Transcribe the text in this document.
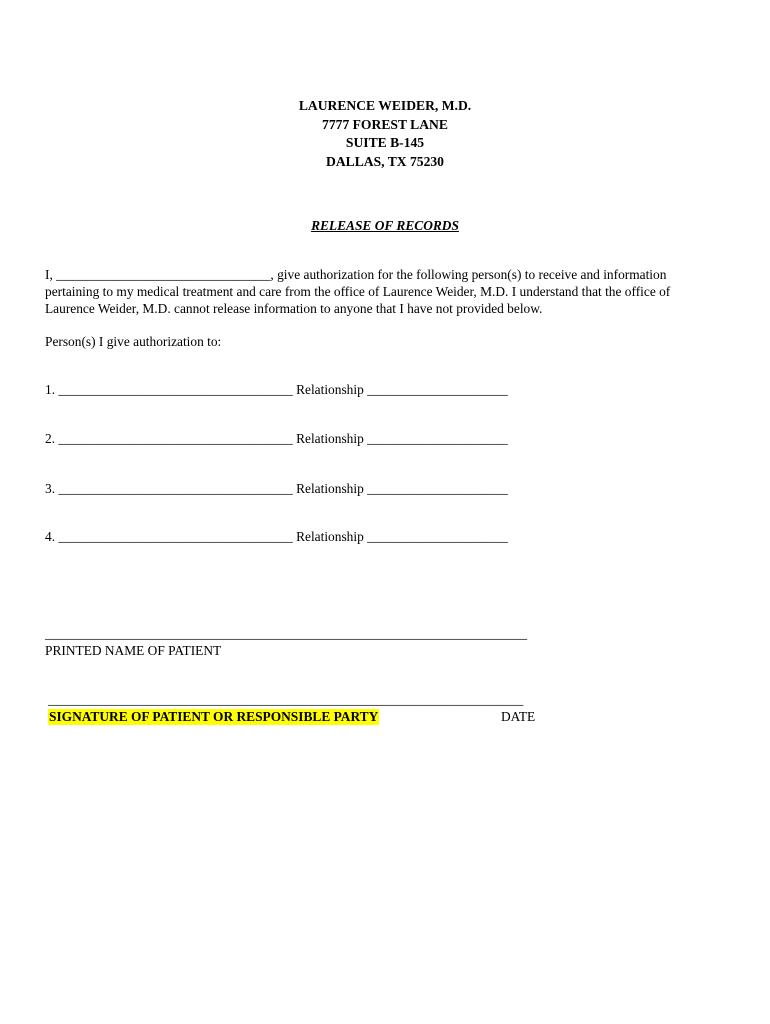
LAURENCE WEIDER, M.D.
7777 FOREST LANE
SUITE B-145
DALLAS, TX 75230
RELEASE OF RECORDS
I, ________________________________, give authorization for the following person(s) to receive and information
pertaining to my medical treatment and care from the office of Laurence Weider, M.D. I understand that the office of
Laurence Weider, M.D. cannot release information to anyone that I have not provided below.
Person(s) I give authorization to:
1. ___________________________________ Relationship _____________________
2. ___________________________________ Relationship _____________________
3. ___________________________________ Relationship _____________________
4. ___________________________________ Relationship _____________________
________________________________________________________________________
PRINTED NAME OF PATIENT
_______________________________________________________________________
SIGNATURE OF PATIENT OR RESPONSIBLE PARTY	DATE
